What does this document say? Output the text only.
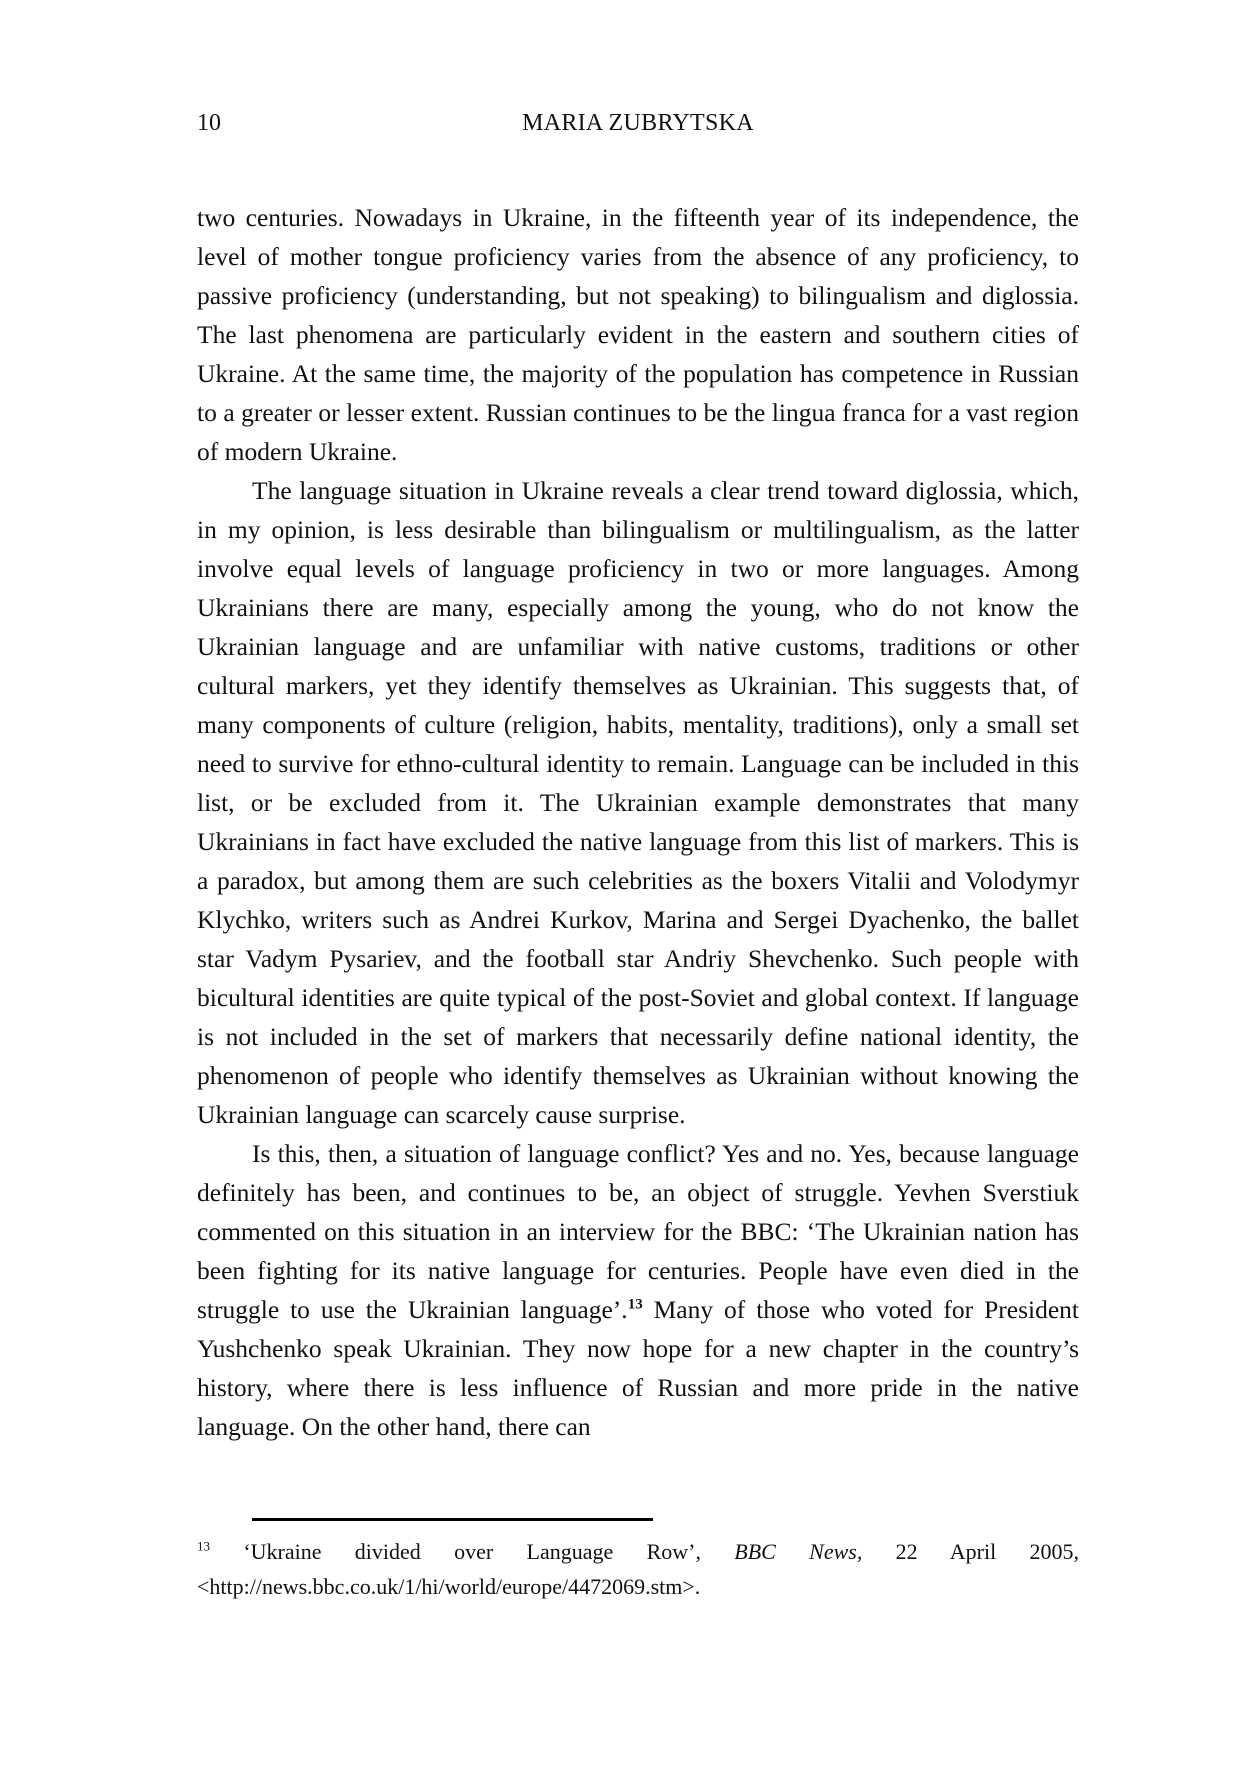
10	MARIA ZUBRYTSKA

two centuries. Nowadays in Ukraine, in the fifteenth year of its independence, the level of mother tongue proficiency varies from the absence of any proficiency, to passive proficiency (understanding, but not speaking) to bilingualism and diglossia. The last phenomena are particularly evident in the eastern and southern cities of Ukraine. At the same time, the majority of the population has competence in Russian to a greater or lesser extent. Russian continues to be the lingua franca for a vast region of modern Ukraine.

The language situation in Ukraine reveals a clear trend toward diglossia, which, in my opinion, is less desirable than bilingualism or multilingualism, as the latter involve equal levels of language proficiency in two or more languages. Among Ukrainians there are many, especially among the young, who do not know the Ukrainian language and are unfamiliar with native customs, traditions or other cultural markers, yet they identify themselves as Ukrainian. This suggests that, of many components of culture (religion, habits, mentality, traditions), only a small set need to survive for ethno-cultural identity to remain. Language can be included in this list, or be excluded from it. The Ukrainian example demonstrates that many Ukrainians in fact have excluded the native language from this list of markers. This is a paradox, but among them are such celebrities as the boxers Vitalii and Volodymyr Klychko, writers such as Andrei Kurkov, Marina and Sergei Dyachenko, the ballet star Vadym Pysariev, and the football star Andriy Shevchenko. Such people with bicultural identities are quite typical of the post-Soviet and global context. If language is not included in the set of markers that necessarily define national identity, the phenomenon of people who identify themselves as Ukrainian without knowing the Ukrainian language can scarcely cause surprise.

Is this, then, a situation of language conflict? Yes and no. Yes, because language definitely has been, and continues to be, an object of struggle. Yevhen Sverstiuk commented on this situation in an interview for the BBC: ‘The Ukrainian nation has been fighting for its native language for centuries. People have even died in the struggle to use the Ukrainian language’.$^{13}$ Many of those who voted for President Yushchenko speak Ukrainian. They now hope for a new chapter in the country’s history, where there is less influence of Russian and more pride in the native language. On the other hand, there can

$^{13}$ ‘Ukraine divided over Language Row’, BBC News, 22 April 2005, <http://news.bbc.co.uk/1/hi/world/europe/4472069.stm>.
